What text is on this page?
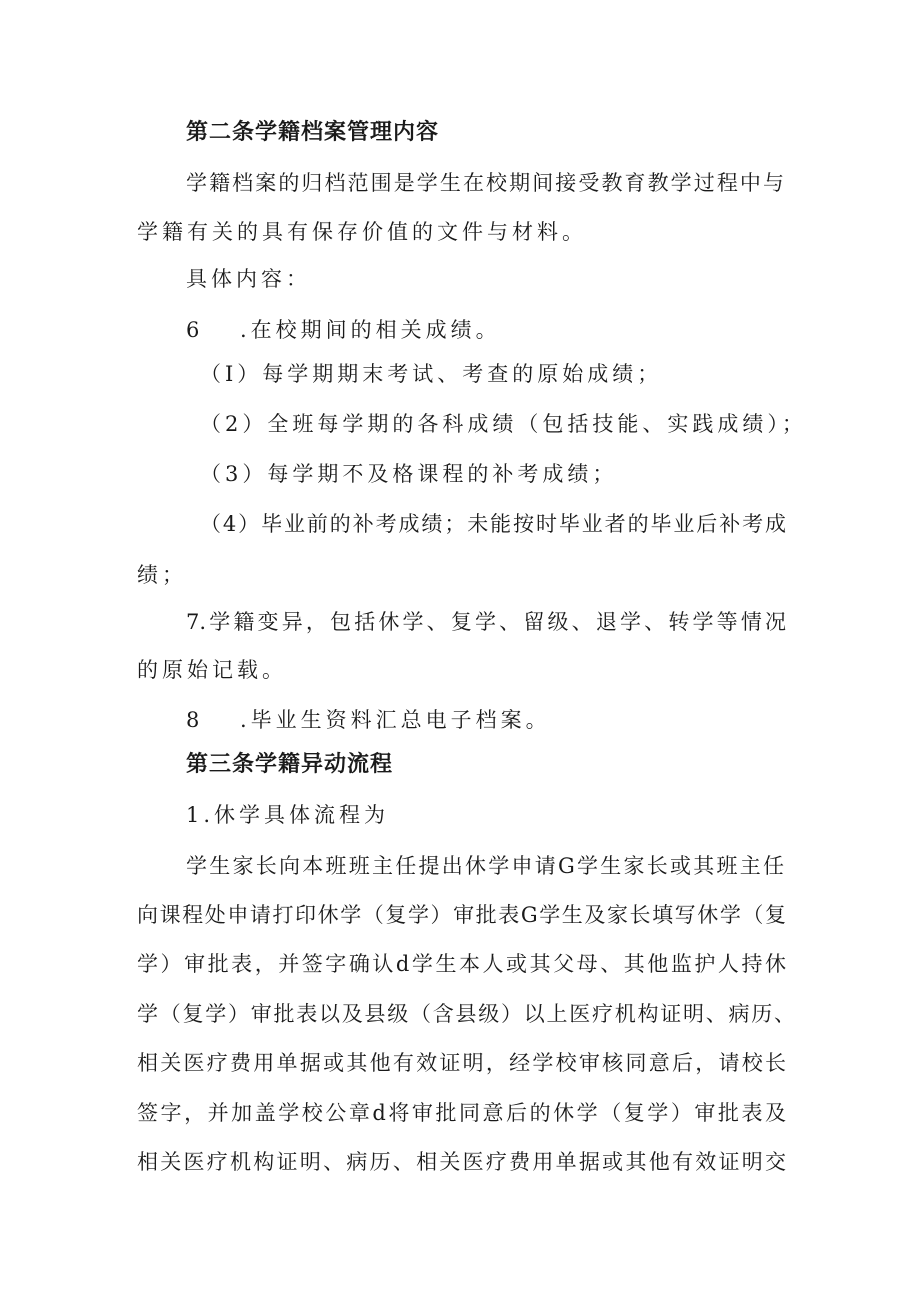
第二条学籍档案管理内容
学籍档案的归档范围是学生在校期间接受教育教学过程中与
学籍有关的具有保存价值的文件与材料。
具体内容：
6 .在校期间的相关成绩。
（I）每学期期末考试、考查的原始成绩；
（2）全班每学期的各科成绩（包括技能、实践成绩）；
（3）每学期不及格课程的补考成绩；
（4）毕业前的补考成绩；未能按时毕业者的毕业后补考成
绩；
7.学籍变异，包括休学、复学、留级、退学、转学等情况
的原始记载。
8 .毕业生资料汇总电子档案。
第三条学籍异动流程
1.休学具体流程为
学生家长向本班班主任提出休学申请G学生家长或其班主任
向课程处申请打印休学（复学）审批表G学生及家长填写休学（复
学）审批表，并签字确认d学生本人或其父母、其他监护人持休
学（复学）审批表以及县级（含县级）以上医疗机构证明、病历、
相关医疗费用单据或其他有效证明，经学校审核同意后，请校长
签字，并加盖学校公章d将审批同意后的休学（复学）审批表及
相关医疗机构证明、病历、相关医疗费用单据或其他有效证明交
